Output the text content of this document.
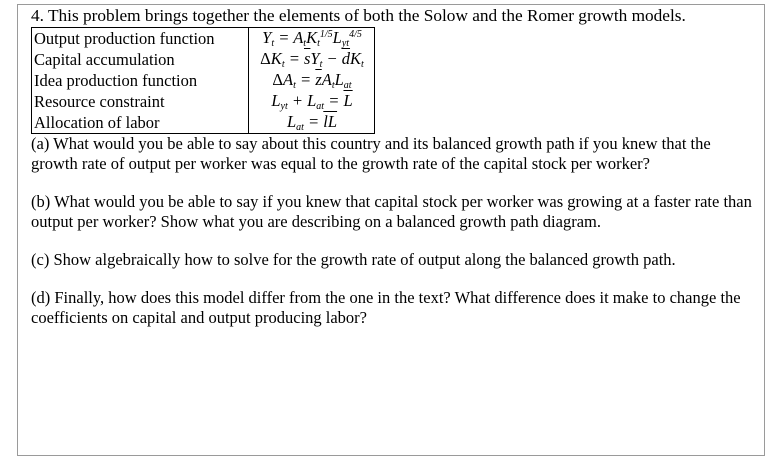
4. This problem brings together the elements of both the Solow and the Romer growth models.
Output production function	$Y_t = A_tK_t^{1/5}L_{yt}^{4/5}$
Capital accumulation	$\Delta K_t = \overline{s}Y_t - \overline{d}K_t$
Idea production function	$\Delta A_t = \overline{z}A_tL_{at}$
Resource constraint	$L_{yt} + L_{at} = \overline{L}$
Allocation of labor	$L_{at} = \overline{lL}$
(a) What would you be able to say about this country and its balanced growth path if you knew that the growth rate of output per worker was equal to the growth rate of the capital stock per worker?
(b) What would you be able to say if you knew that capital stock per worker was growing at a faster rate than output per worker? Show what you are describing on a balanced growth path diagram.
(c) Show algebraically how to solve for the growth rate of output along the balanced growth path.
(d) Finally, how does this model differ from the one in the text? What difference does it make to change the coefficients on capital and output producing labor?
